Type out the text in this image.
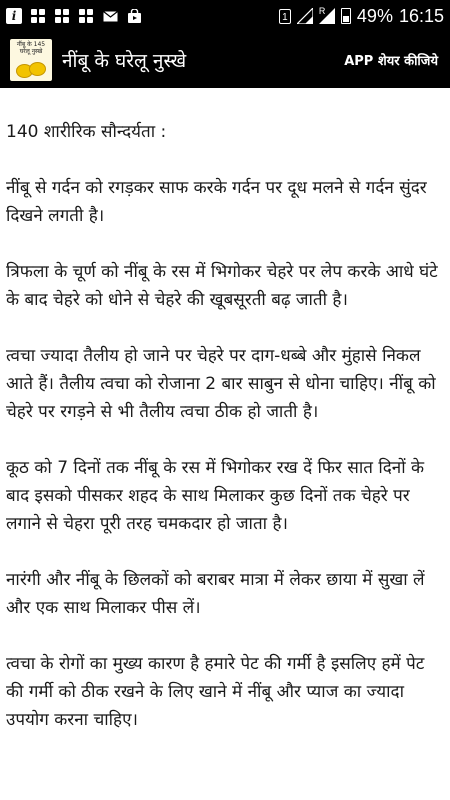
i	1
R 49% 16:15
नींबू के 145 घरेलू नुस्खे	नींबू के घरेलू नुस्खे	APP शेयर कीजिये

140 शारीरिक सौन्दर्यता :

नींबू से गर्दन को रगड़कर साफ करके गर्दन पर दूध मलने से गर्दन सुंदर दिखने लगती है।

त्रिफला के चूर्ण को नींबू के रस में भिगोकर चेहरे पर लेप करके आधे घंटे के बाद चेहरे को धोने से चेहरे की खूबसूरती बढ़ जाती है।

त्वचा ज्यादा तैलीय हो जाने पर चेहरे पर दाग-धब्बे और मुंहासे निकल आते हैं। तैलीय त्वचा को रोजाना 2 बार साबुन से धोना चाहिए। नींबू को चेहरे पर रगड़ने से भी तैलीय त्वचा ठीक हो जाती है।

कूठ को 7 दिनों तक नींबू के रस में भिगोकर रख दें फिर सात दिनों के बाद इसको पीसकर शहद के साथ मिलाकर कुछ दिनों तक चेहरे पर लगाने से चेहरा पूरी तरह चमकदार हो जाता है।

नारंगी और नींबू के छिलकों को बराबर मात्रा में लेकर छाया में सुखा लें और एक साथ मिलाकर पीस लें।

त्वचा के रोगों का मुख्य कारण है हमारे पेट की गर्मी है इसलिए हमें पेट की गर्मी को ठीक रखने के लिए खाने में नींबू और प्याज का ज्यादा उपयोग करना चाहिए।
